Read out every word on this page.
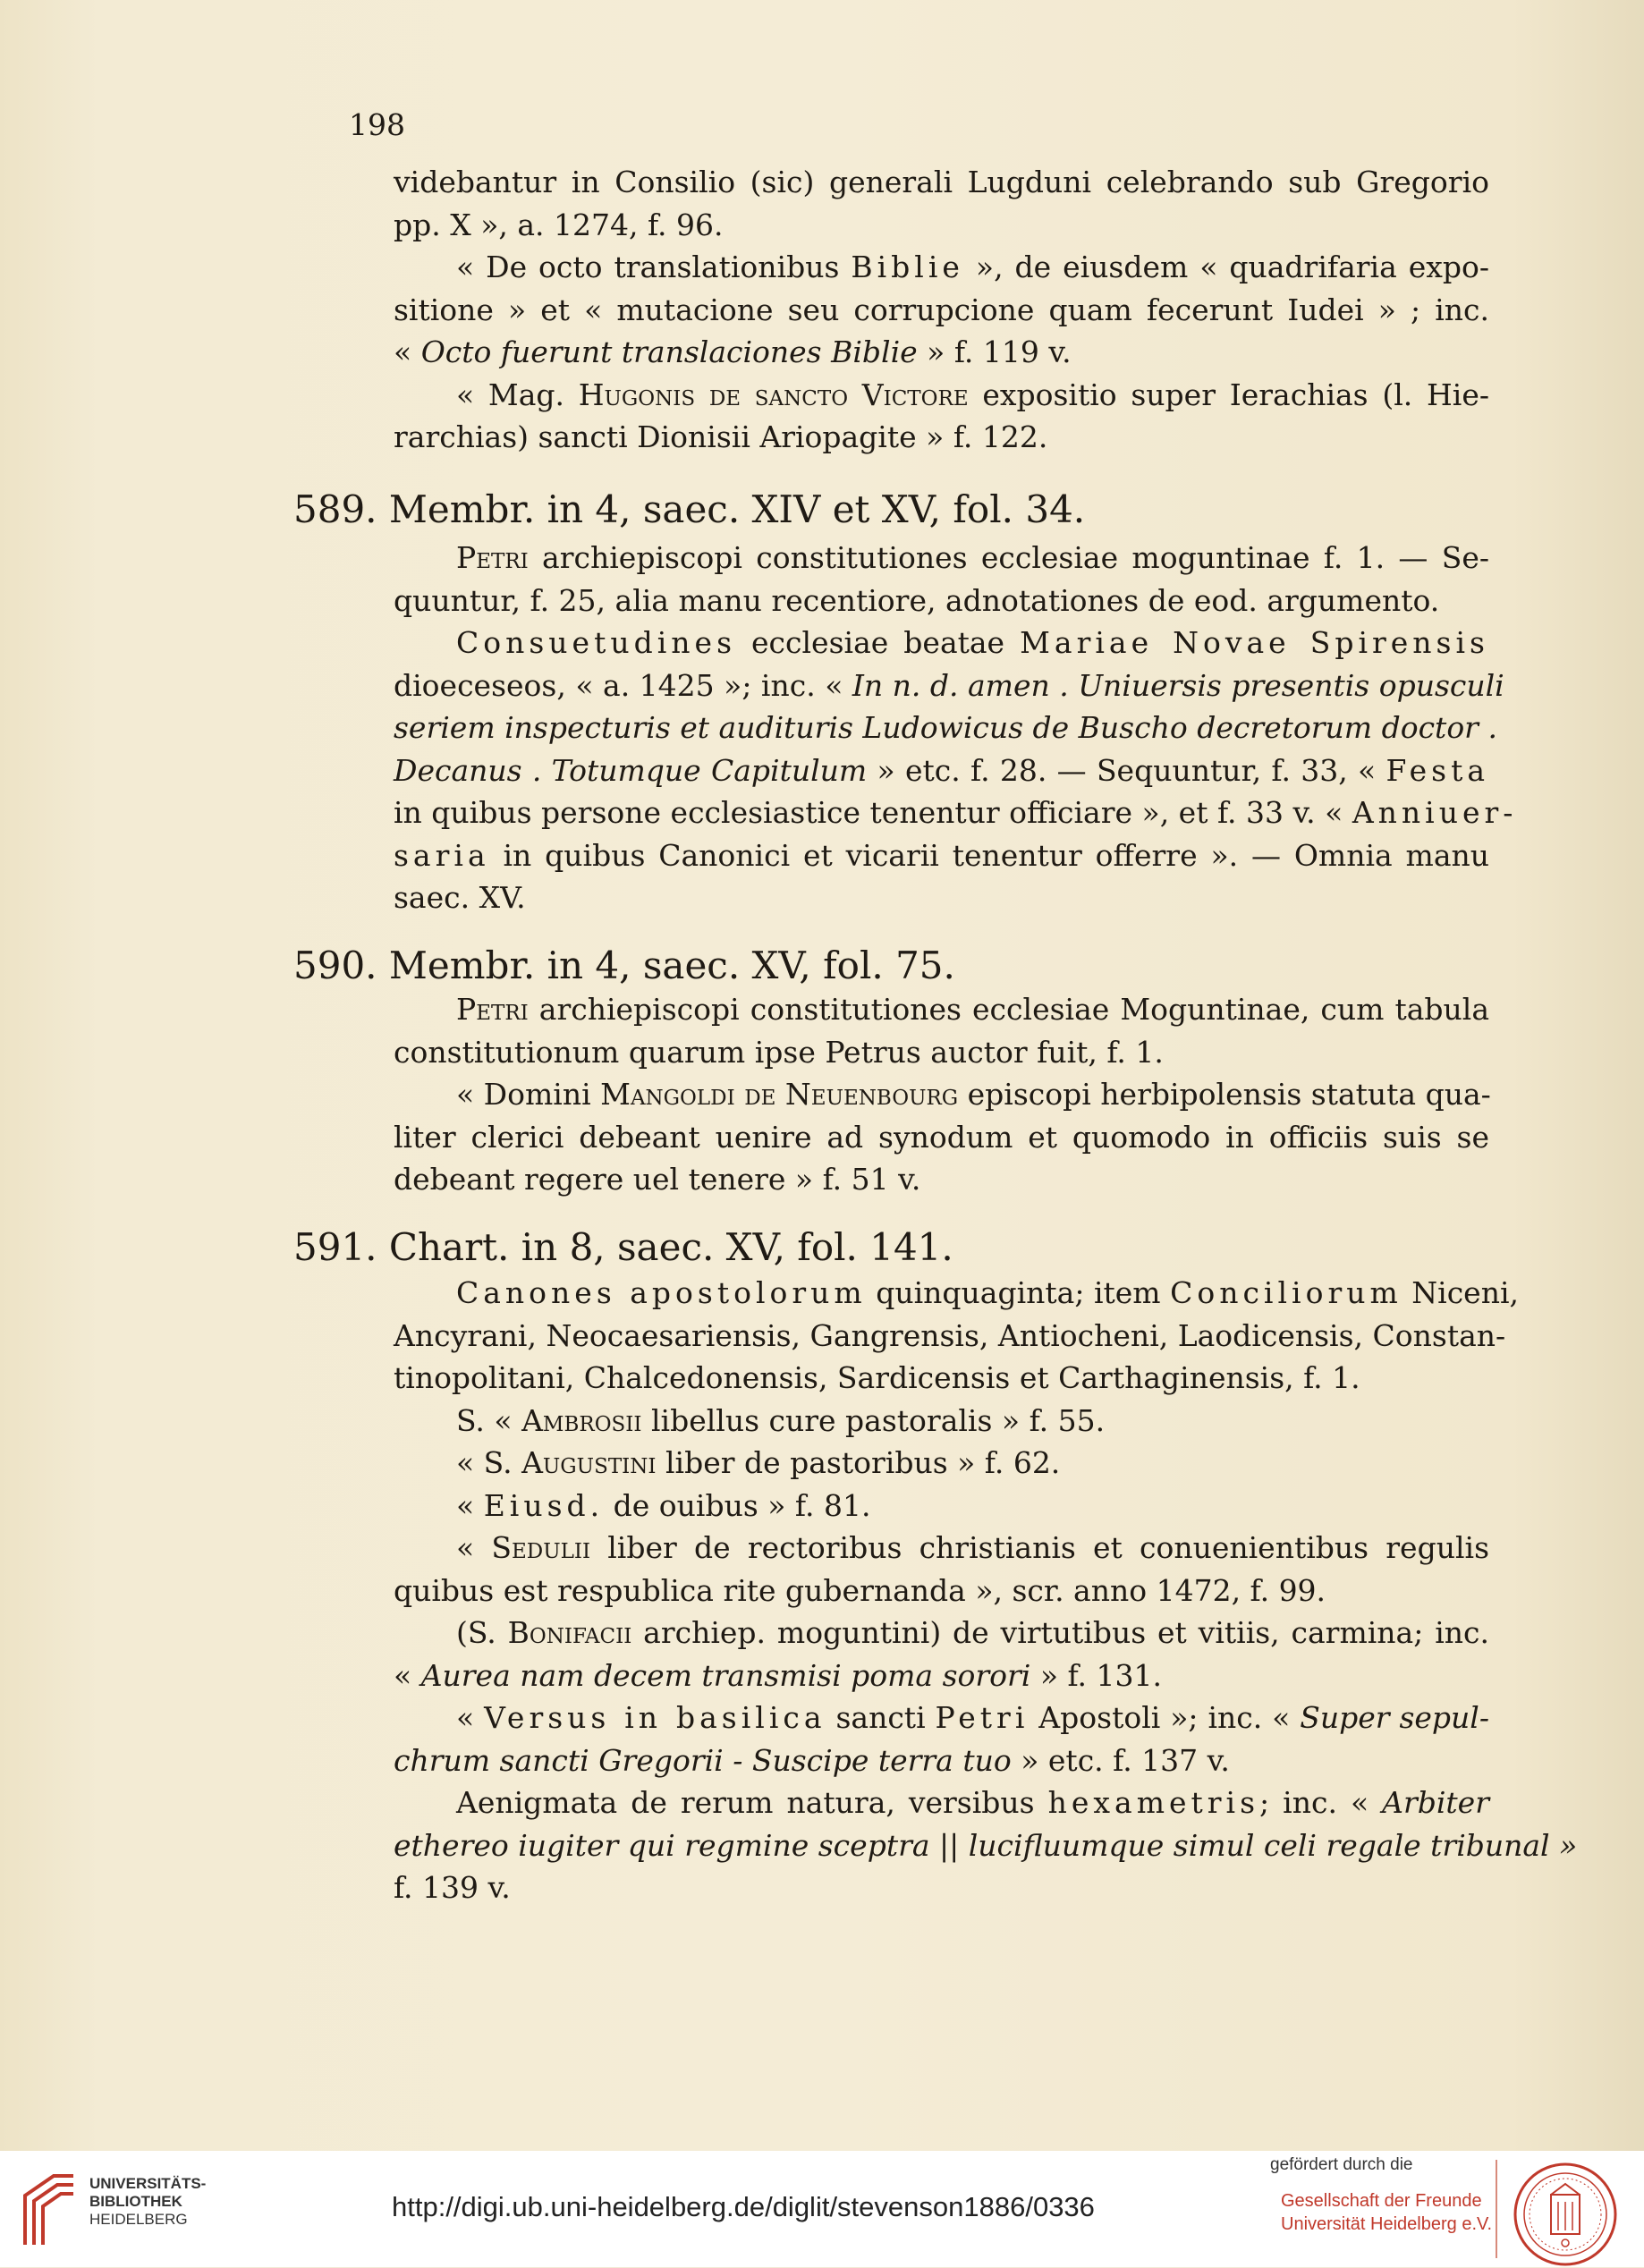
198
videbantur in Consilio (sic) generali Lugduni celebrando sub Gregorio
pp. X », a. 1274, f. 96.
« De octo translationibus Biblie », de eiusdem « quadrifaria expo-
sitione » et « mutacione seu corrupcione quam fecerunt Iudei » ; inc.
« Octo fuerunt translaciones Biblie » f. 119 v.
« Mag. Hugonis de sancto Victore expositio super Ierachias (l. Hie-
rarchias) sancti Dionisii Ariopagite » f. 122.
589. Membr. in 4, saec. XIV et XV, fol. 34.
Petri archiepiscopi constitutiones ecclesiae moguntinae f. 1. — Se-
quuntur, f. 25, alia manu recentiore, adnotationes de eod. argumento.
Consuetudines ecclesiae beatae Mariae Novae Spirensis
dioeceseos, « a. 1425 »; inc. « In n. d. amen . Uniuersis presentis opusculi
seriem inspecturis et audituris Ludowicus de Buscho decretorum doctor .
Decanus . Totumque Capitulum » etc. f. 28. — Sequuntur, f. 33, « Festa
in quibus persone ecclesiastice tenentur officiare », et f. 33 v. « Anniuer-
saria in quibus Canonici et vicarii tenentur offerre ». — Omnia manu
saec. XV.
590. Membr. in 4, saec. XV, fol. 75.
Petri archiepiscopi constitutiones ecclesiae Moguntinae, cum tabula
constitutionum quarum ipse Petrus auctor fuit, f. 1.
« Domini Mangoldi de Neuenbourg episcopi herbipolensis statuta qua-
liter clerici debeant uenire ad synodum et quomodo in officiis suis se
debeant regere uel tenere » f. 51 v.
591. Chart. in 8, saec. XV, fol. 141.
Canones apostolorum quinquaginta; item Conciliorum Niceni,
Ancyrani, Neocaesariensis, Gangrensis, Antiocheni, Laodicensis, Constan-
tinopolitani, Chalcedonensis, Sardicensis et Carthaginensis, f. 1.
S. « Ambrosii libellus cure pastoralis » f. 55.
« S. Augustini liber de pastoribus » f. 62.
« Eiusd. de ouibus » f. 81.
« Sedulii liber de rectoribus christianis et conuenientibus regulis
quibus est respublica rite gubernanda », scr. anno 1472, f. 99.
(S. Bonifacii archiep. moguntini) de virtutibus et vitiis, carmina; inc.
« Aurea nam decem transmisi poma sorori » f. 131.
« Versus in basilica sancti Petri Apostoli »; inc. « Super sepul-
chrum sancti Gregorii - Suscipe terra tuo » etc. f. 137 v.
Aenigmata de rerum natura, versibus hexametris; inc. « Arbiter
ethereo iugiter qui regmine sceptra || lucifluumque simul celi regale tribunal »
f. 139 v.
UNIVERSITÄTS-
BIBLIOTHEK
HEIDELBERG	http://digi.ub.uni-heidelberg.de/diglit/stevenson1886/0336
gefördert durch die
Gesellschaft der Freunde
Universität Heidelberg e.V.
